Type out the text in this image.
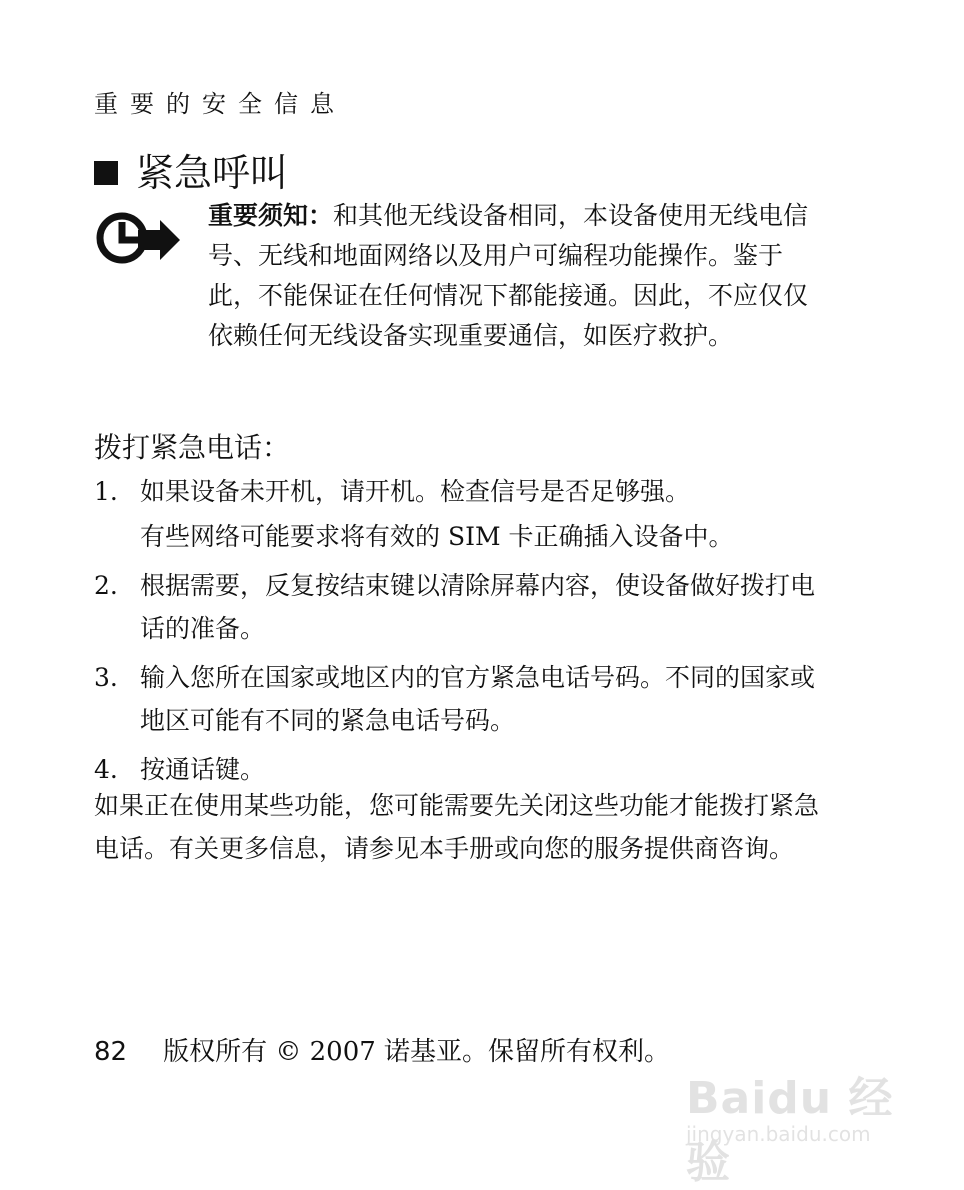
重要的安全信息
紧急呼叫
重要须知：和其他无线设备相同，本设备使用无线电信号、无线和地面网络以及用户可编程功能操作。鉴于此，不能保证在任何情况下都能接通。因此，不应仅仅依赖任何无线设备实现重要通信，如医疗救护。
拨打紧急电话：
1. 如果设备未开机，请开机。检查信号是否足够强。
有些网络可能要求将有效的 SIM 卡正确插入设备中。
2. 根据需要，反复按结束键以清除屏幕内容，使设备做好拨打电话的准备。
3. 输入您所在国家或地区内的官方紧急电话号码。不同的国家或地区可能有不同的紧急电话号码。
4. 按通话键。
如果正在使用某些功能，您可能需要先关闭这些功能才能拨打紧急电话。有关更多信息，请参见本手册或向您的服务提供商咨询。
82 版权所有 © 2007 诺基亚。保留所有权利。
Baidu 经验
jingyan.baidu.com
